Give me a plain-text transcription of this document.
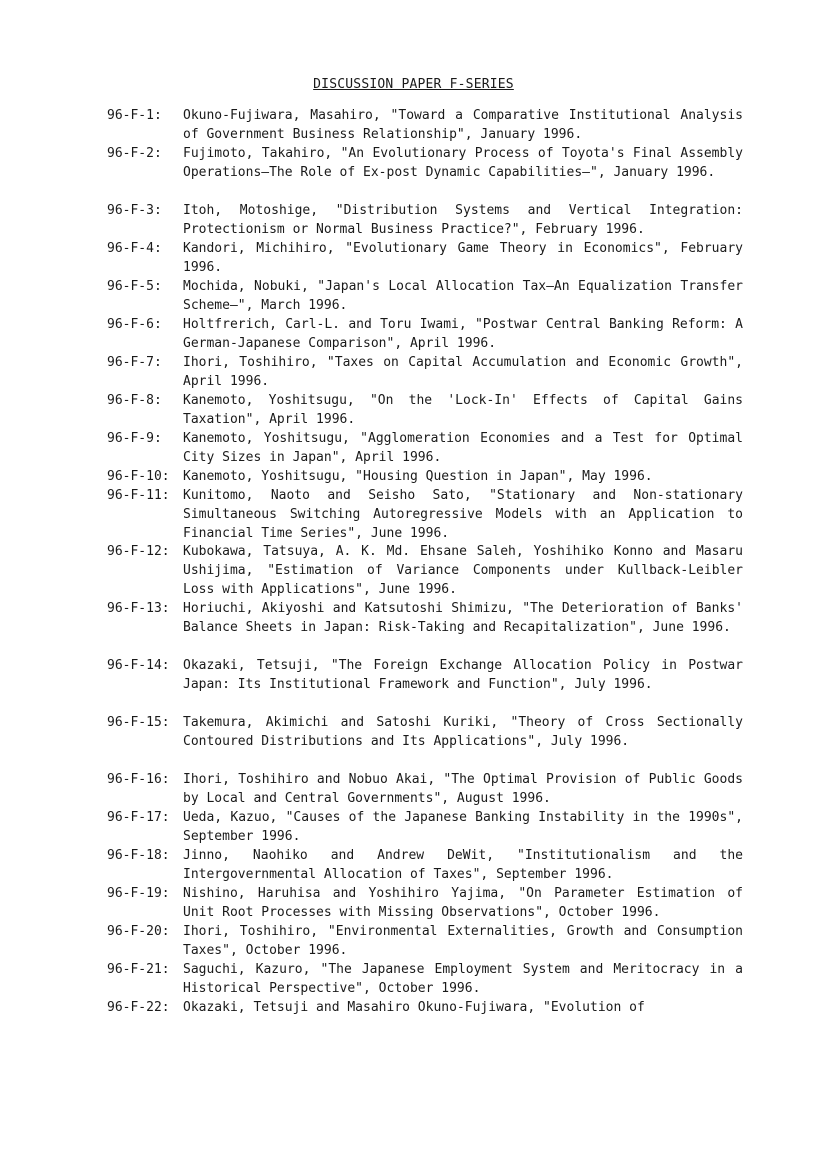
DISCUSSION PAPER F-SERIES
96-F-1:	Okuno-Fujiwara, Masahiro, "Toward a Comparative Institutional Analysis of Government Business Relationship", January 1996.
96-F-2:	Fujimoto, Takahiro, "An Evolutionary Process of Toyota's Final Assembly Operations—The Role of Ex-post Dynamic Capabilities—", January 1996.
96-F-3:	Itoh, Motoshige, "Distribution Systems and Vertical Integration: Protectionism or Normal Business Practice?", February 1996.
96-F-4:	Kandori, Michihiro, "Evolutionary Game Theory in Economics", February 1996.
96-F-5:	Mochida, Nobuki, "Japan's Local Allocation Tax—An Equalization Transfer Scheme—", March 1996.
96-F-6:	Holtfrerich, Carl-L. and Toru Iwami, "Postwar Central Banking Reform: A German-Japanese Comparison", April 1996.
96-F-7:	Ihori, Toshihiro, "Taxes on Capital Accumulation and Economic Growth", April 1996.
96-F-8:	Kanemoto, Yoshitsugu, "On the 'Lock-In' Effects of Capital Gains Taxation", April 1996.
96-F-9:	Kanemoto, Yoshitsugu, "Agglomeration Economies and a Test for Optimal City Sizes in Japan", April 1996.
96-F-10:	Kanemoto, Yoshitsugu, "Housing Question in Japan", May 1996.
96-F-11:	Kunitomo, Naoto and Seisho Sato, "Stationary and Non-stationary Simultaneous Switching Autoregressive Models with an Application to Financial Time Series", June 1996.
96-F-12:	Kubokawa, Tatsuya, A. K. Md. Ehsane Saleh, Yoshihiko Konno and Masaru Ushijima, "Estimation of Variance Components under Kullback-Leibler Loss with Applications", June 1996.
96-F-13:	Horiuchi, Akiyoshi and Katsutoshi Shimizu, "The Deterioration of Banks' Balance Sheets in Japan: Risk-Taking and Recapitalization", June 1996.
96-F-14:	Okazaki, Tetsuji, "The Foreign Exchange Allocation Policy in Postwar Japan: Its Institutional Framework and Function", July 1996.
96-F-15:	Takemura, Akimichi and Satoshi Kuriki, "Theory of Cross Sectionally Contoured Distributions and Its Applications", July 1996.
96-F-16:	Ihori, Toshihiro and Nobuo Akai, "The Optimal Provision of Public Goods by Local and Central Governments", August 1996.
96-F-17:	Ueda, Kazuo, "Causes of the Japanese Banking Instability in the 1990s", September 1996.
96-F-18:	Jinno, Naohiko and Andrew DeWit, "Institutionalism and the Intergovernmental Allocation of Taxes", September 1996.
96-F-19:	Nishino, Haruhisa and Yoshihiro Yajima, "On Parameter Estimation of Unit Root Processes with Missing Observations", October 1996.
96-F-20:	Ihori, Toshihiro, "Environmental Externalities, Growth and Consumption Taxes", October 1996.
96-F-21:	Saguchi, Kazuro, "The Japanese Employment System and Meritocracy in a Historical Perspective", October 1996.
96-F-22:	Okazaki, Tetsuji and Masahiro Okuno-Fujiwara, "Evolution of
